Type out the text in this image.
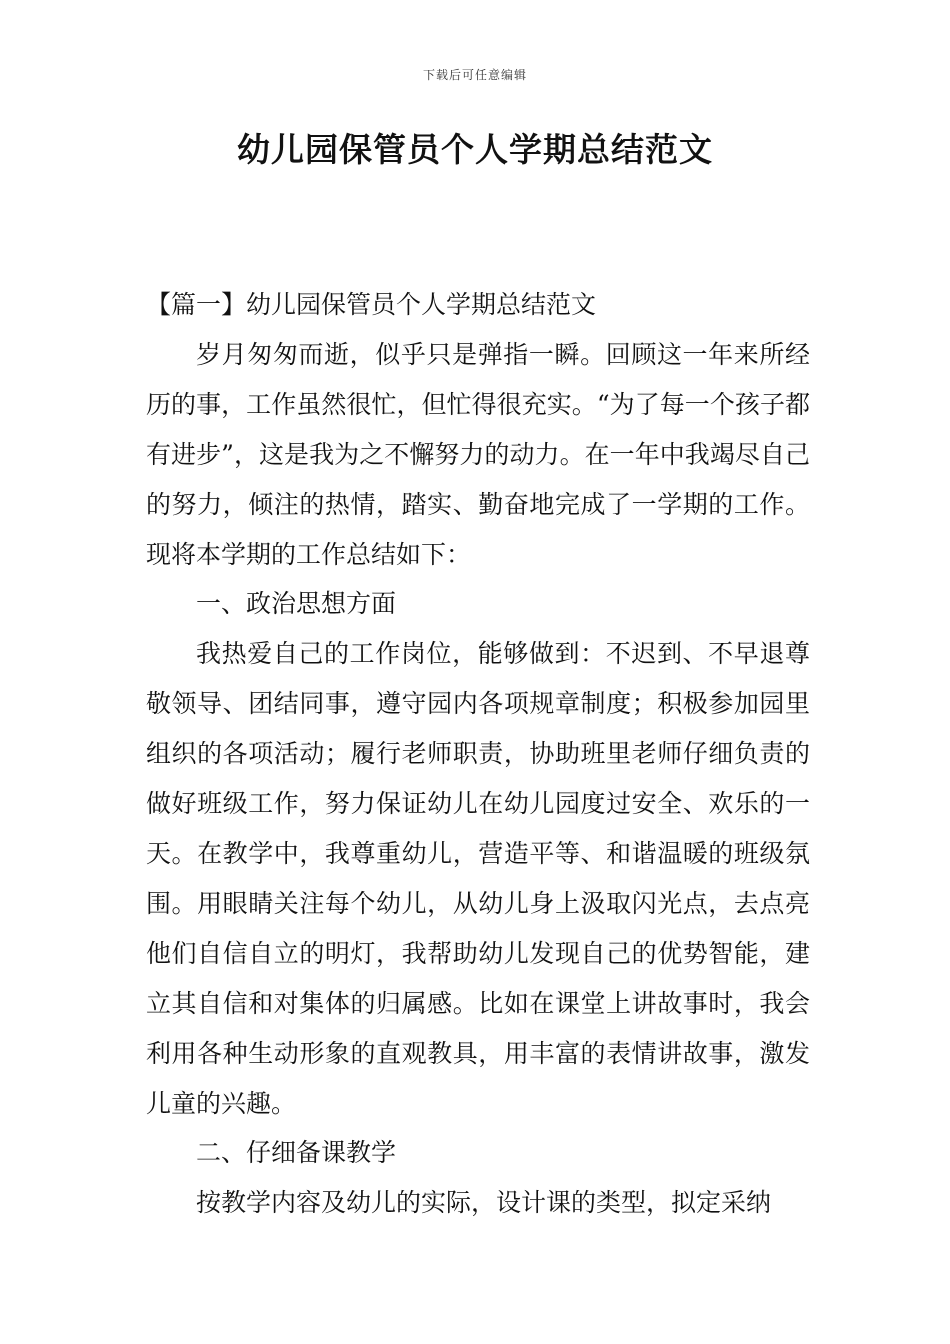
下载后可任意编辑
幼儿园保管员个人学期总结范文

【篇一】幼儿园保管员个人学期总结范文

岁月匆匆而逝，似乎只是弹指一瞬。回顾这一年来所经历的事，工作虽然很忙，但忙得很充实。“为了每一个孩子都有进步”，这是我为之不懈努力的动力。在一年中我竭尽自己的努力，倾注的热情，踏实、勤奋地完成了一学期的工作。现将本学期的工作总结如下：

一、政治思想方面

我热爱自己的工作岗位，能够做到：不迟到、不早退尊敬领导、团结同事，遵守园内各项规章制度；积极参加园里组织的各项活动；履行老师职责，协助班里老师仔细负责的做好班级工作，努力保证幼儿在幼儿园度过安全、欢乐的一天。在教学中，我尊重幼儿，营造平等、和谐温暖的班级氛围。用眼睛关注每个幼儿，从幼儿身上汲取闪光点，去点亮他们自信自立的明灯，我帮助幼儿发现自己的优势智能，建立其自信和对集体的归属感。比如在课堂上讲故事时，我会利用各种生动形象的直观教具，用丰富的表情讲故事，激发儿童的兴趣。

二、仔细备课教学

按教学内容及幼儿的实际，设计课的类型，拟定采纳
